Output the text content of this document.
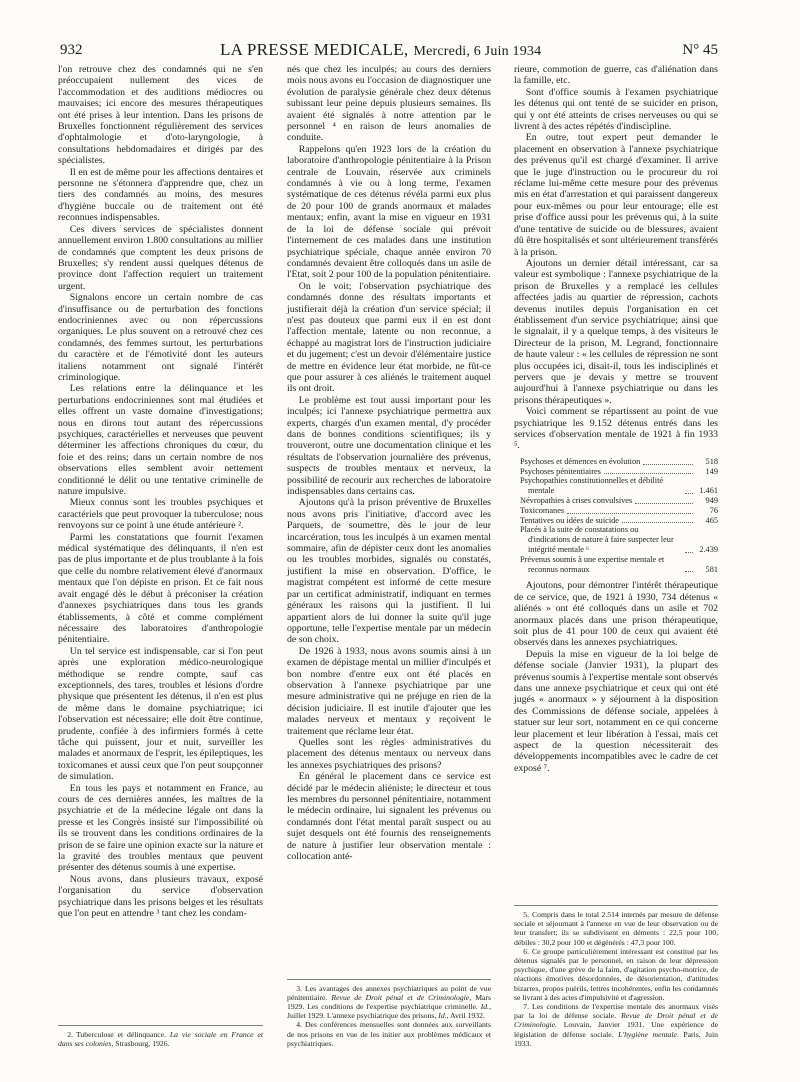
932	LA PRESSE MEDICALE, Mercredi, 6 Juin 1934	N° 45

l'on retrouve chez des condamnés qui ne s'en préoccupaient nullement des vices de l'accommodation et des auditions médiocres ou mauvaises; ici encore des mesures thérapeutiques ont été prises à leur intention. Dans les prisons de Bruxelles fonctionnent régulièrement des services d'ophtalmologie et d'oto-laryngologie, à consultations hebdomadaires et dirigés par des spécialistes.

Il en est de même pour les affections dentaires et personne ne s'étonnera d'apprendre que, chez un tiers des condamnés au moins, des mesures d'hygiène buccale ou de traitement ont été reconnues indispensables.

Ces divers services de spécialistes donnent annuellement environ 1.800 consultations au millier de condamnés que comptent les deux prisons de Bruxelles; s'y rendent aussi quelques détenus de province dont l'affection requiert un traitement urgent.

Signalons encore un certain nombre de cas d'insuffisance ou de perturbation des fonctions endocriniennes avec ou non répercussions organiques. Le plus souvent on a retrouvé chez ces condamnés, des femmes surtout, les perturbations du caractère et de l'émotivité dont les auteurs italiens notamment ont signalé l'intérêt criminologique.

Les relations entre la délinquance et les perturbations endocriniennes sont mal étudiées et elles offrent un vaste domaine d'investigations; nous en dirons tout autant des répercussions psychiques, caractérielles et nerveuses que peuvent déterminer les affections chroniques du cœur, du foie et des reins; dans un certain nombre de nos observations elles semblent avoir nettement conditionné le délit ou une tentative criminelle de nature impulsive.

Mieux connus sont les troubles psychiques et caractériels que peut provoquer la tuberculose; nous renvoyons sur ce point à une étude antérieure ².

Parmi les constatations que fournit l'examen médical systématique des délinquants, il n'en est pas de plus importante et de plus troublante à la fois que celle du nombre relativement élevé d'anormaux mentaux que l'on dépiste en prison. Et ce fait nous avait engagé dès le début à préconiser la création d'annexes psychiatriques dans tous les grands établissements, à côté et comme complément nécessaire des laboratoires d'anthropologie pénitentiaire.

Un tel service est indispensable, car si l'on peut après une exploration médico-neurologique méthodique se rendre compte, sauf cas exceptionnels, des tares, troubles et lésions d'ordre physique que présentent les détenus, il n'en est plus de même dans le domaine psychiatrique; ici l'observation est nécessaire; elle doit être continue, prudente, confiée à des infirmiers formés à cette tâche qui puissent, jour et nuit, surveiller les malades et anormaux de l'esprit, les épileptiques, les toxicomanes et aussi ceux que l'on peut soupçonner de simulation.

En tous les pays et notamment en France, au cours de ces dernières années, les maîtres de la psychiatrie et de la médecine légale ont dans la presse et les Congrès insisté sur l'impossibilité où ils se trouvent dans les conditions ordinaires de la prison de se faire une opinion exacte sur la nature et la gravité des troubles mentaux que peuvent présenter des détenus soumis à une expertise.

Nous avons, dans plusieurs travaux, exposé l'organisation du service d'observation psychiatrique dans les prisons belges et les résultats que l'on peut en attendre ³ tant chez les condam-

2. Tuberculose et délinquance. La vie sociale en France et dans ses colonies, Strasbourg, 1926.

nés que chez les inculpés; au cours des derniers mois nous avons eu l'occasion de diagnostiquer une évolution de paralysie générale chez deux détenus subissant leur peine depuis plusieurs semaines. Ils avaient été signalés à notre attention par le personnel ⁴ en raison de leurs anomalies de conduite.

Rappelons qu'en 1923 lors de la création du laboratoire d'anthropologie pénitentiaire à la Prison centrale de Louvain, réservée aux criminels condamnés à vie ou à long terme, l'examen systématique de ces détenus révéla parmi eux plus de 20 pour 100 de grands anormaux et malades mentaux; enfin, avant la mise en vigueur en 1931 de la loi de défense sociale qui prévoit l'internement de ces malades dans une institution psychiatrique spéciale, chaque année environ 70 condamnés devaient être colloqués dans un asile de l'Etat, soit 2 pour 100 de la population pénitentiaire.

On le voit; l'observation psychiatrique des condamnés donne des résultats importants et justifierait déjà la création d'un service spécial; il n'est pas douteux que parmi eux il en est dont l'affection mentale, latente ou non reconnue, a échappé au magistrat lors de l'instruction judiciaire et du jugement; c'est un devoir d'élémentaire justice de mettre en évidence leur état morbide, ne fût-ce que pour assurer à ces aliénés le traitement auquel ils ont droit.

Le problème est tout aussi important pour les inculpés; ici l'annexe psychiatrique permettra aux experts, chargés d'un examen mental, d'y procéder dans de bonnes conditions scientifiques; ils y trouveront, outre une documentation clinique et les résultats de l'observation journalière des prévenus, suspects de troubles mentaux et nerveux, la possibilité de recourir aux recherches de laboratoire indispensables dans certains cas.

Ajoutons qu'à la prison préventive de Bruxelles nous avons pris l'initiative, d'accord avec les Parquets, de soumettre, dès le jour de leur incarcération, tous les inculpés à un examen mental sommaire, afin de dépister ceux dont les anomalies ou les troubles morbides, signalés ou constatés, justifient la mise en observation. D'office, le magistrat compétent est informé de cette mesure par un certificat administratif, indiquant en termes généraux les raisons qui la justifient. Il lui appartient alors de lui donner la suite qu'il juge opportune, telle l'expertise mentale par un médecin de son choix.

De 1926 à 1933, nous avons soumis ainsi à un examen de dépistage mental un millier d'inculpés et bon nombre d'entre eux ont été placés en observation à l'annexe psychiatrique par une mesure administrative qui ne préjuge en rien de la décision judiciaire. Il est inutile d'ajouter que les malades nerveux et mentaux y reçoivent le traitement que réclame leur état.

Quelles sont les règles administratives du placement des détenus mentaux ou nerveux dans les annexes psychiatriques des prisons?

En général le placement dans ce service est décidé par le médecin aliéniste; le directeur et tous les membres du personnel pénitentiaire, notamment le médecin ordinaire, lui signalent les prévenus ou condamnés dont l'état mental paraît suspect ou au sujet desquels ont été fournis des renseignements de nature à justifier leur observation mentale : collocation anté-

3. Les avantages des annexes psychiatriques au point de vue pénitentiaire. Revue de Droit pénal et de Criminologie, Mars 1929. Les conditions de l'expertise psychiatrique criminelle. Id., Juillet 1929. L'annexe psychiatrique des prisons, Id., Avril 1932.

4. Des conférences mensuelles sont données aux surveillants de nos prisons en vue de les initier aux problèmes médicaux et psychiatriques.

rieure, commotion de guerre, cas d'aliénation dans la famille, etc.

Sont d'office soumis à l'examen psychiatrique les détenus qui ont tenté de se suicider en prison, qui y ont été atteints de crises nerveuses ou qui se livrent à des actes répétés d'indiscipline.

En outre, tout expert peut demander le placement en observation à l'annexe psychiatrique des prévenus qu'il est chargé d'examiner. Il arrive que le juge d'instruction ou le procureur du roi réclame lui-même cette mesure pour des prévenus mis en état d'arrestation et qui paraissent dangereux pour eux-mêmes ou pour leur entourage; elle est prise d'office aussi pour les prévenus qui, à la suite d'une tentative de suicide ou de blessures, avaient dû être hospitalisés et sont ultérieurement transférés à la prison.

Ajoutons un dernier détail intéressant, car sa valeur est symbolique : l'annexe psychiatrique de la prison de Bruxelles y a remplacé les cellules affectées jadis au quartier de répression, cachots devenus inutiles depuis l'organisation en cet établissement d'un service psychiatrique; ainsi que le signalait, il y a quelque temps, à des visiteurs le Directeur de la prison, M. Legrand, fonctionnaire de haute valeur : « les cellules de répression ne sont plus occupées ici, disait-il, tous les indisciplinés et pervers que je devais y mettre se trouvent aujourd'hui à l'annexe psychiatrique ou dans les prisons thérapeutiques ».

Voici comment se répartissent au point de vue psychiatrique les 9.152 détenus entrés dans les services d'observation mentale de 1921 à fin 1933 ⁵.

Psychoses et démences en évolution	518
Psychoses pénitentiaires	149
Psychopathies constitutionnelles et débilité mentale	1.461
Névropathies à crises convulsives	949
Toxicomanes	76
Tentatives ou idées de suicide	465
Placés à la suite de constatations ou d'indications de nature à faire suspecter leur intégrité mentale ⁶	2.439
Prévenus soumis à une expertise mentale et reconnus normaux	581

Ajoutons, pour démontrer l'intérêt thérapeutique de ce service, que, de 1921 à 1930, 734 détenus « aliénés » ont été colloqués dans un asile et 702 anormaux placés dans une prison thérapeutique, soit plus de 41 pour 100 de ceux qui avaient été observés dans les annexes psychiatriques.

Depuis la mise en vigueur de la loi belge de défense sociale (Janvier 1931), la plupart des prévenus soumis à l'expertise mentale sont observés dans une annexe psychiatrique et ceux qui ont été jugés « anormaux » y séjournent à la disposition des Commissions de défense sociale, appelées à statuer sur leur sort, notamment en ce qui concerne leur placement et leur libération à l'essai, mais cet aspect de la question nécessiterait des développements incompatibles avec le cadre de cet exposé ⁷.

5. Compris dans le total 2.514 internés par mesure de défense sociale et séjournant à l'annexe en vue de leur observation ou de leur transfert; ils se subdivisent en déments : 22,5 pour 100, débiles : 30,2 pour 100 et dégénérés : 47,3 pour 100.

6. Ce groupe particulièrement intéressant est constitué par les détenus signalés par le personnel, en raison de leur dépression psychique, d'une grève de la faim, d'agitation psycho-motrice, de réactions émotives désordonnées, de désorientation, d'attitudes bizarres, propos puérils, lettres incohérentes, enfin les condamnés se livrant à des actes d'impulsivité et d'agression.

7. Les conditions de l'expertise mentale des anormaux visés par la loi de défense sociale. Revue de Droit pénal et de Criminologie. Louvain, Janvier 1931. Une expérience de législation de défense sociale. L'hygiène mentale. Paris, Juin 1933.
